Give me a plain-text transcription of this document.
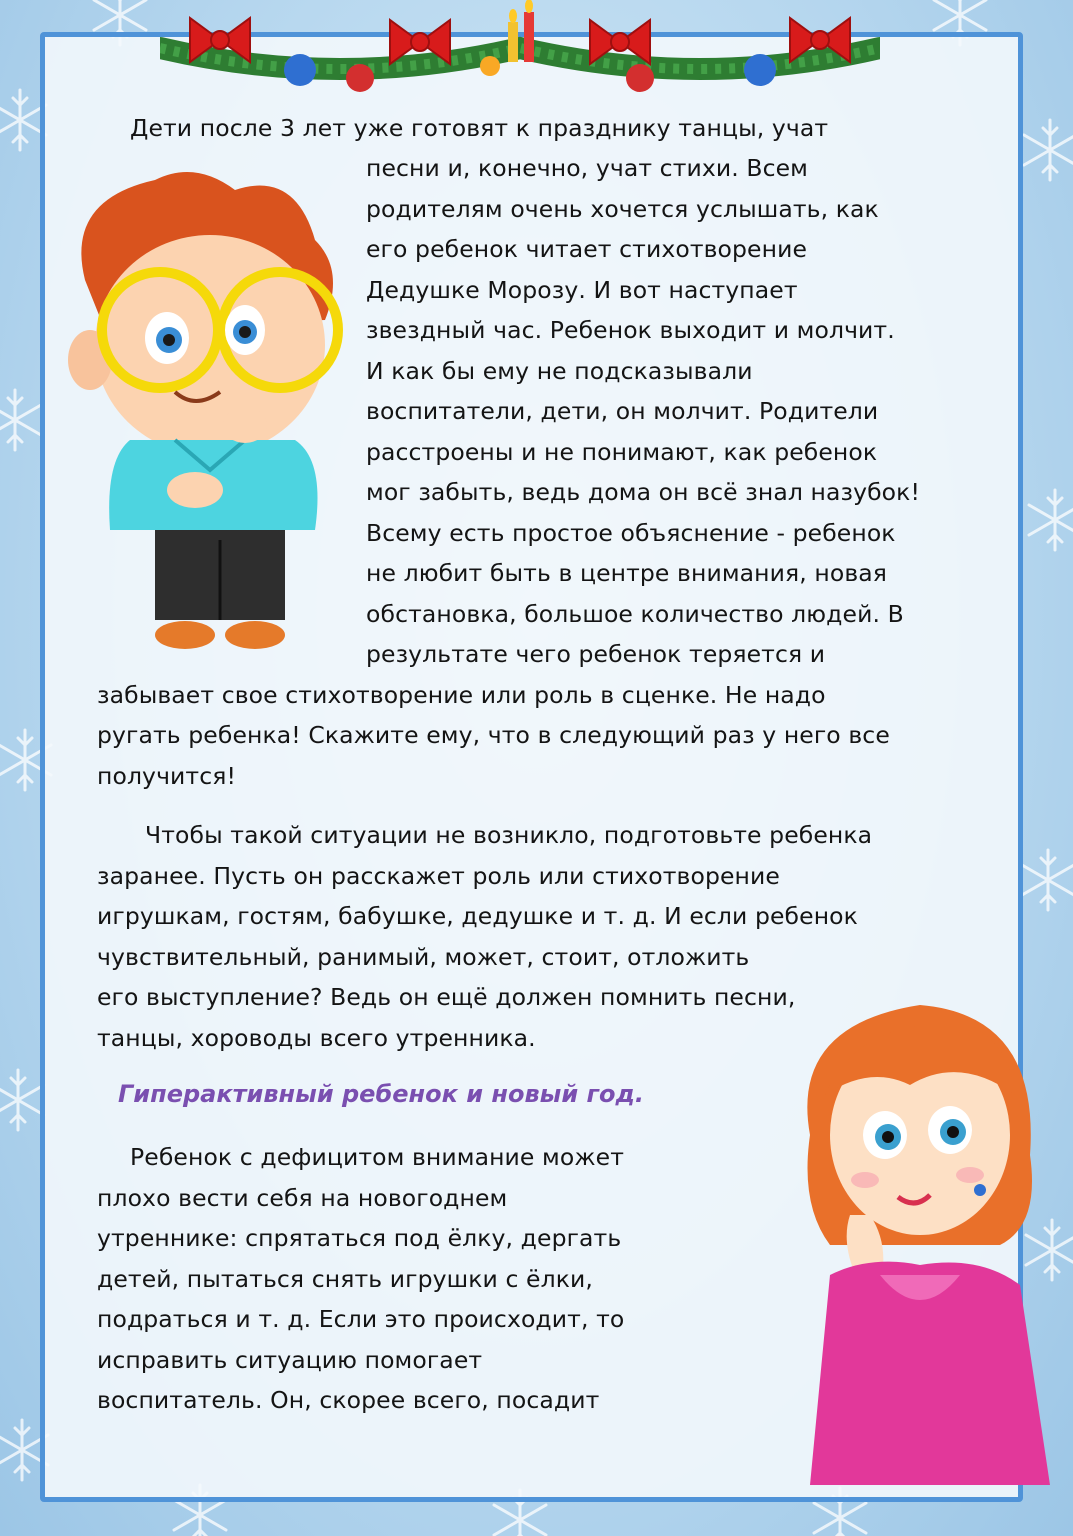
Дети после 3 лет уже готовят к празднику танцы, учат
песни и, конечно, учат стихи. Всем
родителям очень хочется услышать, как
его ребенок читает стихотворение
Дедушке Морозу. И вот наступает
звездный час. Ребенок выходит и молчит.
И как бы ему не подсказывали
воспитатели, дети, он молчит. Родители
расстроены и не понимают, как ребенок
мог забыть, ведь дома он всё знал назубок!
Всему есть простое объяснение - ребенок
не любит быть в центре внимания, новая
обстановка, большое количество людей. В
результате чего ребенок теряется и
забывает свое стихотворение или роль в сценке. Не надо
ругать ребенка! Скажите ему, что в следующий раз у него все
получится!
Чтобы такой ситуации не возникло, подготовьте ребенка
заранее. Пусть он расскажет роль или стихотворение
игрушкам, гостям, бабушке, дедушке и т. д. И если ребенок
чувствительный, ранимый, может, стоит, отложить
его выступление? Ведь он ещё должен помнить песни,
танцы, хороводы всего утренника.
Гиперактивный ребенок и новый год.
Ребенок с дефицитом внимание может
плохо вести себя на новогоднем
утреннике: спрятаться под ёлку, дергать
детей, пытаться снять игрушки с ёлки,
подраться и т. д. Если это происходит, то
исправить ситуацию помогает
воспитатель. Он, скорее всего, посадит
